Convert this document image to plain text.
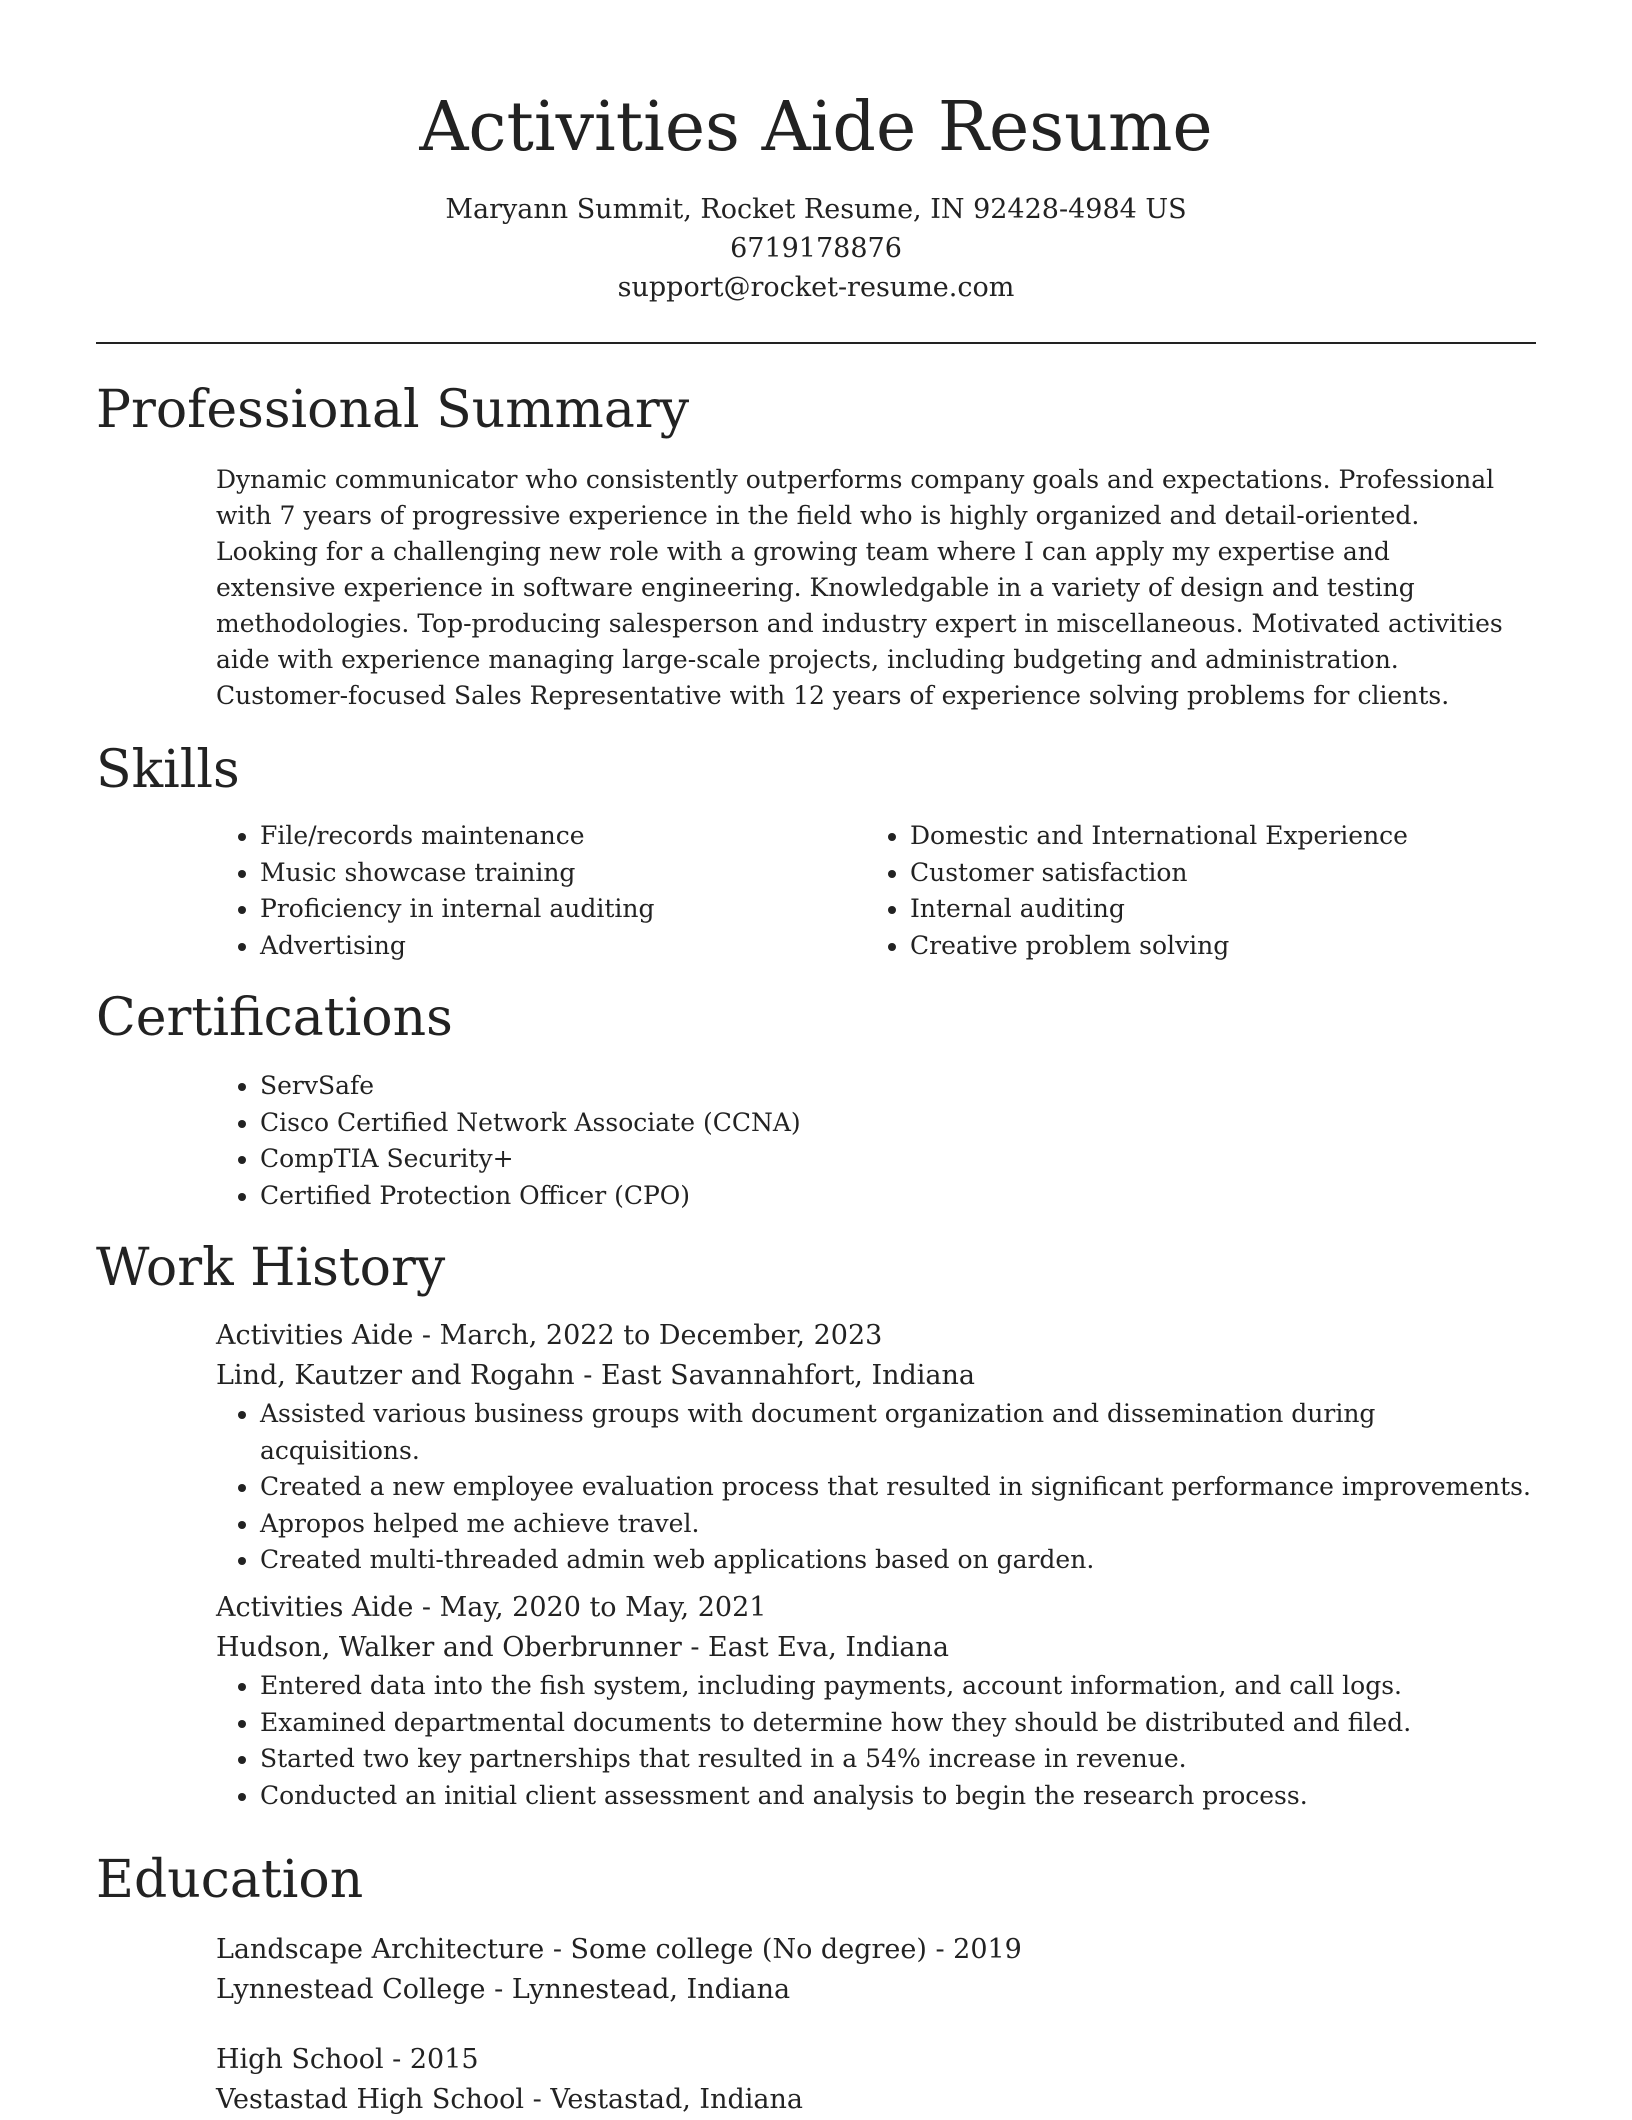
Activities Aide Resume
Maryann Summit, Rocket Resume, IN 92428-4984 US
6719178876
support@rocket-resume.com
Professional Summary

Dynamic communicator who consistently outperforms company goals and expectations. Professional with 7 years of progressive experience in the field who is highly organized and detail-oriented. Looking for a challenging new role with a growing team where I can apply my expertise and extensive experience in software engineering. Knowledgable in a variety of design and testing methodologies. Top-producing salesperson and industry expert in miscellaneous. Motivated activities aide with experience managing large-scale projects, including budgeting and administration. Customer-focused Sales Representative with 12 years of experience solving problems for clients.

Skills
• File/records maintenance
• Music showcase training
• Proficiency in internal auditing
• Advertising
• Domestic and International Experience
• Customer satisfaction
• Internal auditing
• Creative problem solving
Certifications
• ServSafe
• Cisco Certified Network Associate (CCNA)
• CompTIA Security+
• Certified Protection Officer (CPO)
Work History

Activities Aide - March, 2022 to December, 2023

Lind, Kautzer and Rogahn - East Savannahfort, Indiana

• Assisted various business groups with document organization and dissemination during acquisitions.
• Created a new employee evaluation process that resulted in significant performance improvements.
• Apropos helped me achieve travel.
• Created multi-threaded admin web applications based on garden.

Activities Aide - May, 2020 to May, 2021

Hudson, Walker and Oberbrunner - East Eva, Indiana

• Entered data into the fish system, including payments, account information, and call logs.
• Examined departmental documents to determine how they should be distributed and filed.
• Started two key partnerships that resulted in a 54% increase in revenue.
• Conducted an initial client assessment and analysis to begin the research process.
Education

Landscape Architecture - Some college (No degree) - 2019

Lynnestead College - Lynnestead, Indiana

High School - 2015

Vestastad High School - Vestastad, Indiana
